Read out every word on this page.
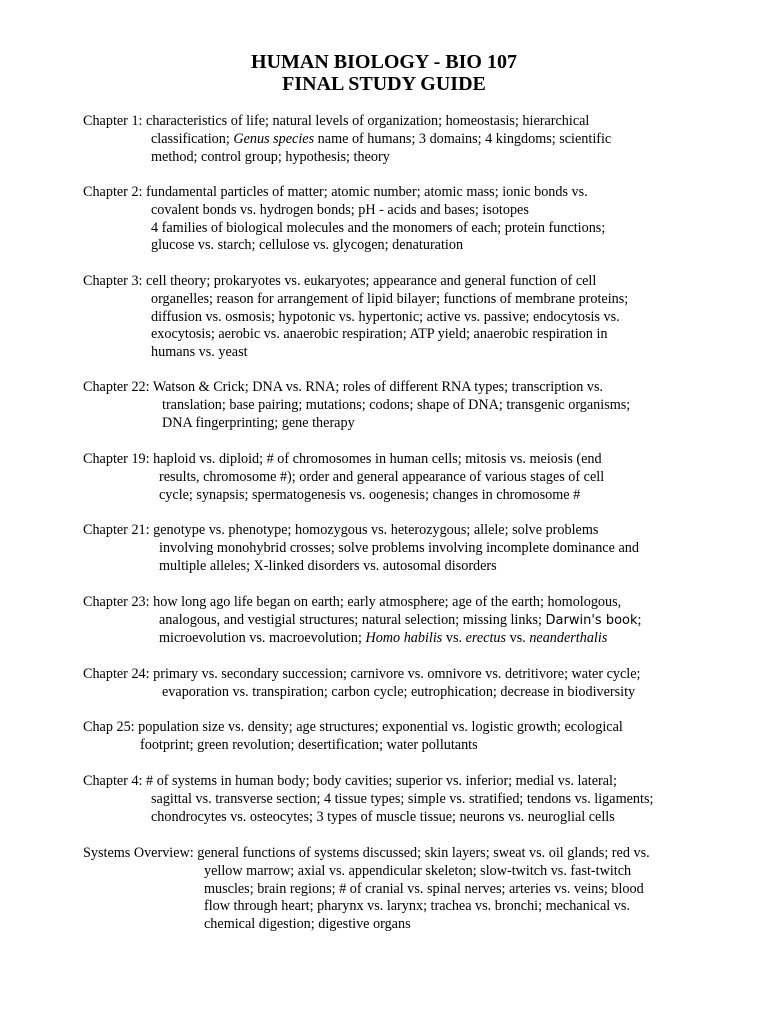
HUMAN BIOLOGY - BIO 107
FINAL STUDY GUIDE
Chapter 1: characteristics of life; natural levels of organization; homeostasis; hierarchical
classification; Genus species name of humans; 3 domains; 4 kingdoms; scientific
method; control group; hypothesis; theory
Chapter 2: fundamental particles of matter; atomic number; atomic mass; ionic bonds vs.
covalent bonds vs. hydrogen bonds; pH - acids and bases; isotopes
4 families of biological molecules and the monomers of each; protein functions;
glucose vs. starch; cellulose vs. glycogen; denaturation
Chapter 3: cell theory; prokaryotes vs. eukaryotes; appearance and general function of cell
organelles; reason for arrangement of lipid bilayer; functions of membrane proteins;
diffusion vs. osmosis; hypotonic vs. hypertonic; active vs. passive; endocytosis vs.
exocytosis; aerobic vs. anaerobic respiration; ATP yield; anaerobic respiration in
humans vs. yeast
Chapter 22: Watson & Crick; DNA vs. RNA; roles of different RNA types; transcription vs.
translation; base pairing; mutations; codons; shape of DNA; transgenic organisms;
DNA fingerprinting; gene therapy
Chapter 19: haploid vs. diploid; # of chromosomes in human cells; mitosis vs. meiosis (end
results, chromosome #); order and general appearance of various stages of cell
cycle; synapsis; spermatogenesis vs. oogenesis; changes in chromosome #
Chapter 21: genotype vs. phenotype; homozygous vs. heterozygous; allele; solve problems
involving monohybrid crosses; solve problems involving incomplete dominance and
multiple alleles; X-linked disorders vs. autosomal disorders
Chapter 23: how long ago life began on earth; early atmosphere; age of the earth; homologous,
analogous, and vestigial structures; natural selection; missing links; Darwin's book;
microevolution vs. macroevolution; Homo habilis vs. erectus vs. neanderthalis
Chapter 24: primary vs. secondary succession; carnivore vs. omnivore vs. detritivore; water cycle;
evaporation vs. transpiration; carbon cycle; eutrophication; decrease in biodiversity
Chap 25: population size vs. density; age structures; exponential vs. logistic growth; ecological
footprint; green revolution; desertification; water pollutants
Chapter 4: # of systems in human body; body cavities; superior vs. inferior; medial vs. lateral;
sagittal vs. transverse section; 4 tissue types; simple vs. stratified; tendons vs. ligaments;
chondrocytes vs. osteocytes; 3 types of muscle tissue; neurons vs. neuroglial cells
Systems Overview: general functions of systems discussed; skin layers; sweat vs. oil glands; red vs.
yellow marrow; axial vs. appendicular skeleton; slow-twitch vs. fast-twitch
muscles; brain regions; # of cranial vs. spinal nerves; arteries vs. veins; blood
flow through heart; pharynx vs. larynx; trachea vs. bronchi; mechanical vs.
chemical digestion; digestive organs
